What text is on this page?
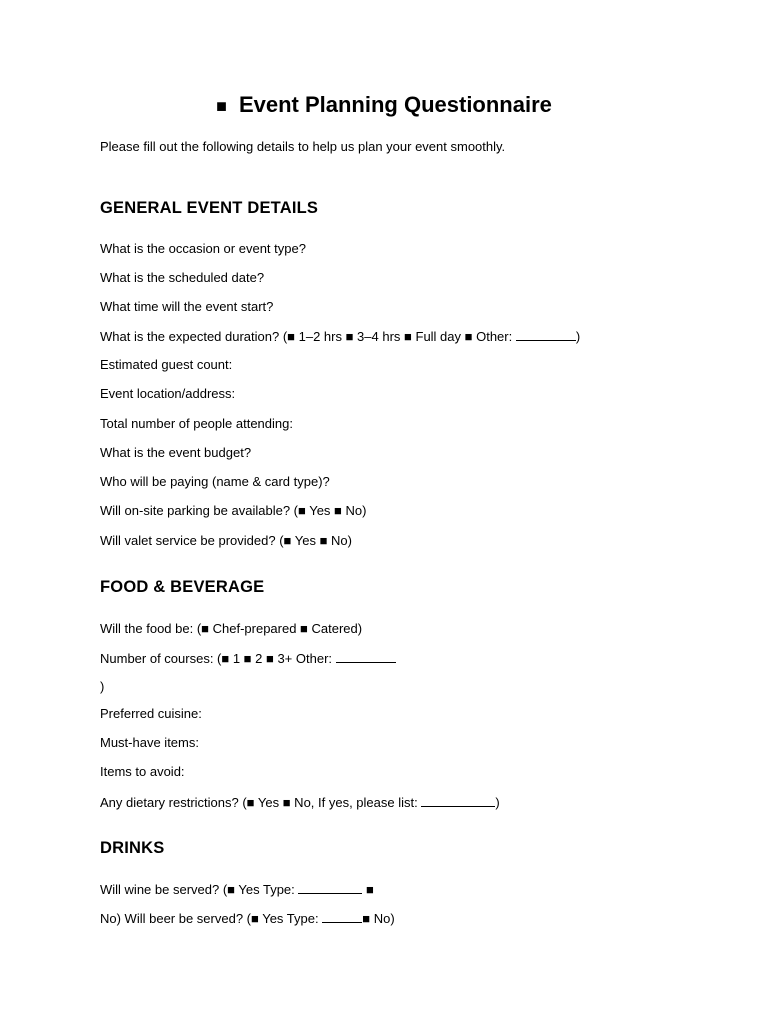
■ Event Planning Questionnaire
Please fill out the following details to help us plan your event smoothly.
GENERAL EVENT DETAILS
What is the occasion or event type?
What is the scheduled date?
What time will the event start?
What is the expected duration? (■ 1–2 hrs ■ 3–4 hrs ■ Full day ■ Other:	)
Estimated guest count:
Event location/address:
Total number of people attending:
What is the event budget?
Who will be paying (name & card type)?
Will on-site parking be available? (■ Yes ■ No)
Will valet service be provided? (■ Yes ■ No)
FOOD & BEVERAGE
Will the food be: (■ Chef-prepared ■ Catered)
Number of courses: (■ 1 ■ 2 ■ 3+ Other:
)
Preferred cuisine:
Must-have items:
Items to avoid:
Any dietary restrictions? (■ Yes ■ No, If yes, please list:	)
DRINKS
Will wine be served? (■ Yes Type:	■
No) Will beer be served? (■ Yes Type:	■ No)
